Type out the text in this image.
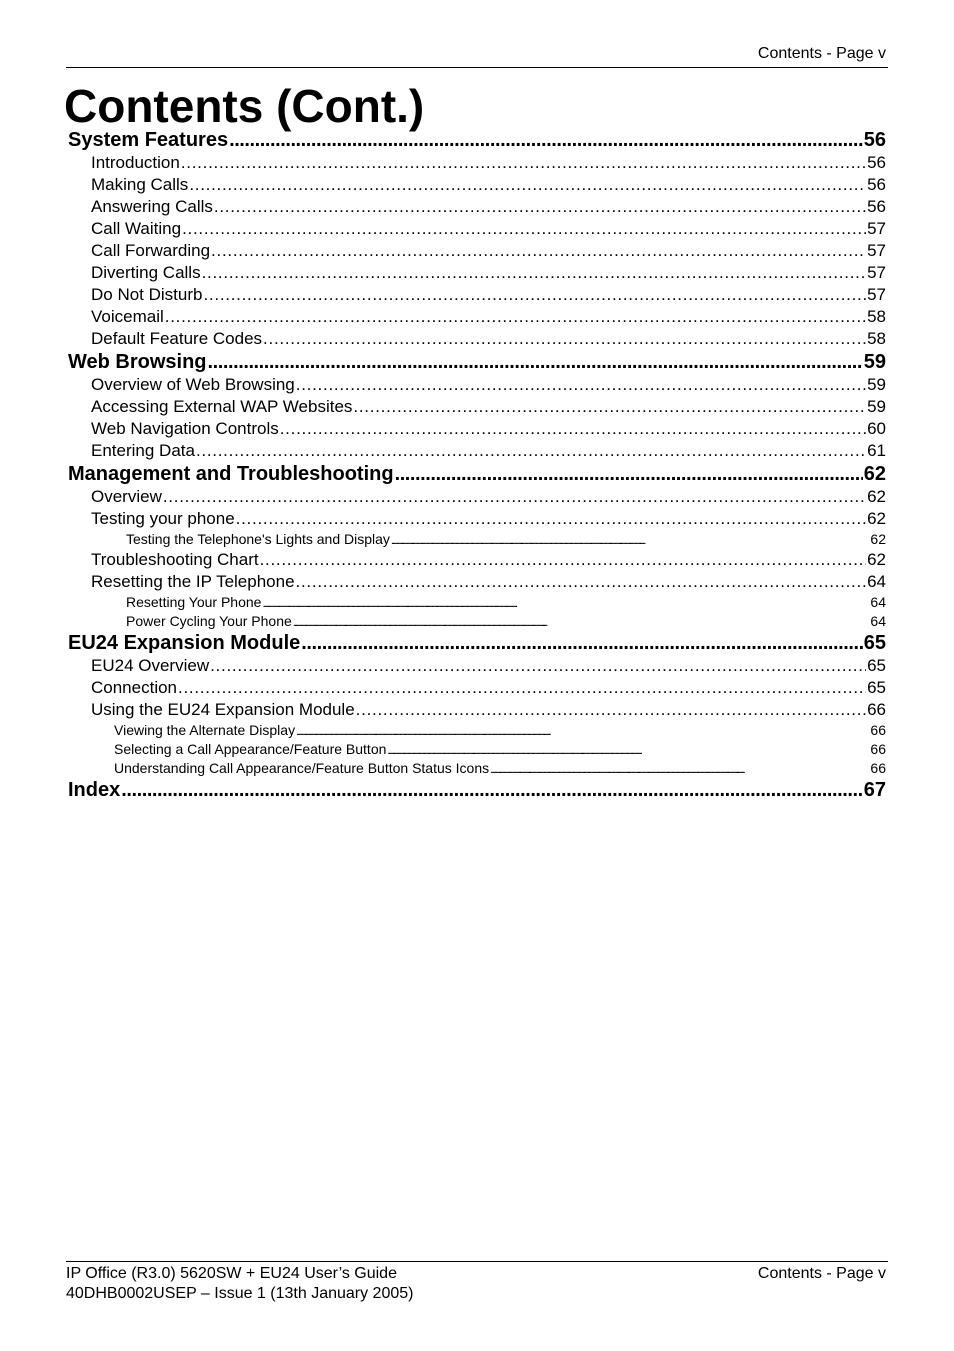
Contents - Page v
Contents (Cont.)
System Features . . .	56
Introduction . . .	56
Making Calls . . .	56
Answering Calls . . .	56
Call Waiting . . .	57
Call Forwarding . . .	57
Diverting Calls . . .	57
Do Not Disturb . . .	57
Voicemail . . .	58
Default Feature Codes . . .	58
Web Browsing . . .	59
Overview of Web Browsing . . .	59
Accessing External WAP Websites . . .	59
Web Navigation Controls . . .	60
Entering Data . . .	61
Management and Troubleshooting . . .	62
Overview . . .	62
Testing your phone . . .	62
Testing the Telephone's Lights and Display . . .	62
Troubleshooting Chart . . .	62
Resetting the IP Telephone . . .	64
Resetting Your Phone . . .	64
Power Cycling Your Phone . . .	64
EU24 Expansion Module . . .	65
EU24 Overview . . .	65
Connection . . .	65
Using the EU24 Expansion Module . . .	66
Viewing the Alternate Display . . .	66
Selecting a Call Appearance/Feature Button . . .	66
Understanding Call Appearance/Feature Button Status Icons . . .	66
Index . . .	67
IP Office (R3.0) 5620SW + EU24 User’s Guide
40DHB0002USEP – Issue 1 (13th January 2005)
Contents - Page v
